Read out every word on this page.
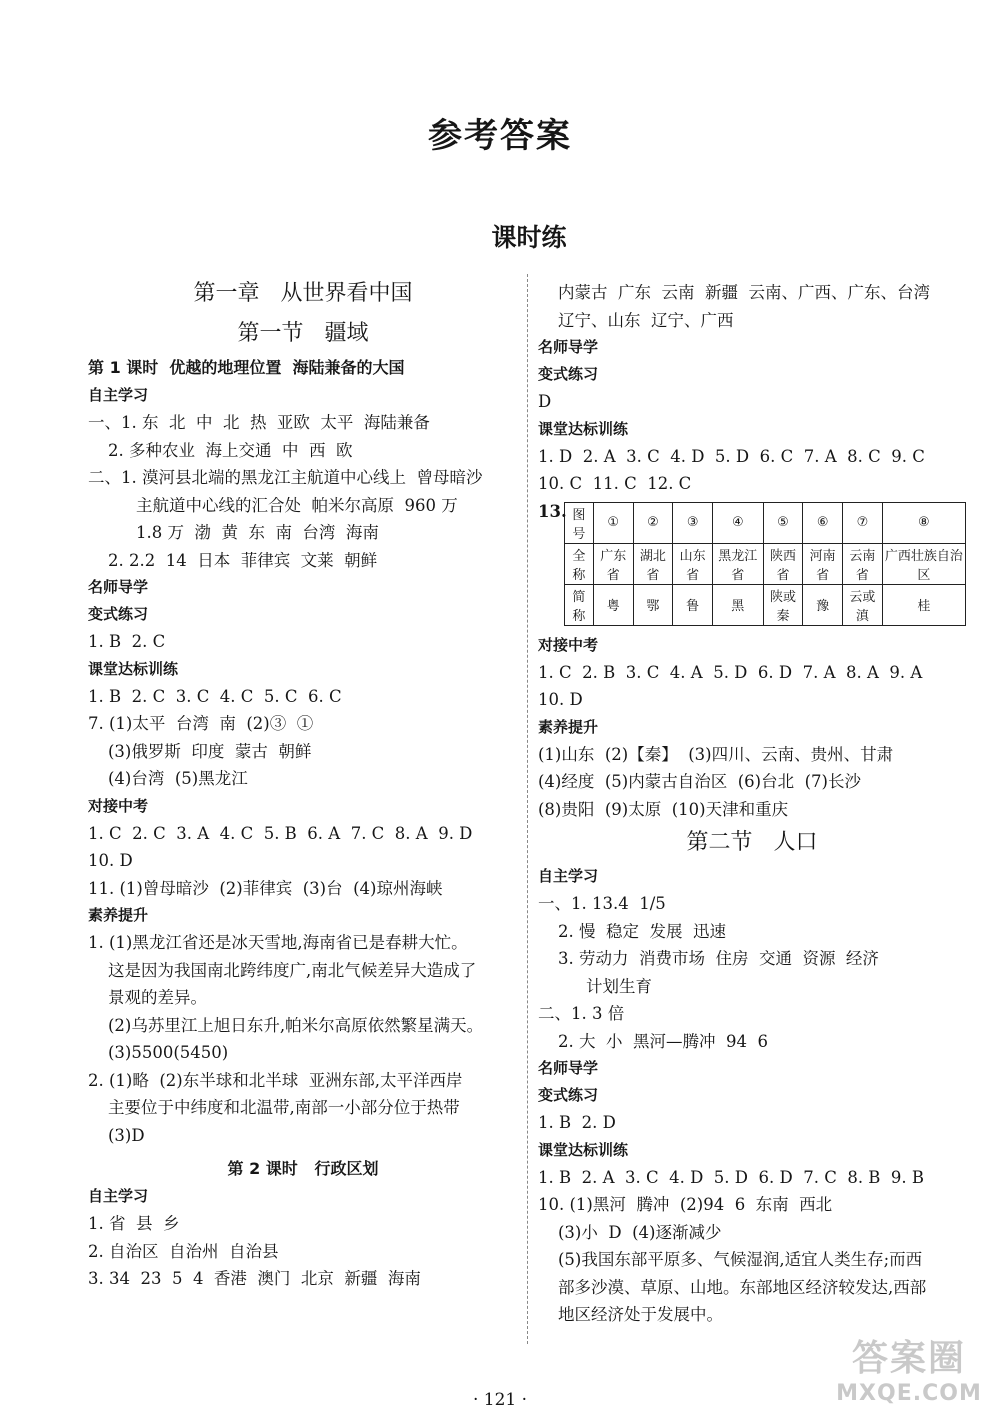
参考答案
课时练
第一章   从世界看中国
第一节   疆域
第 1 课时  优越的地理位置  海陆兼备的大国
自主学习
一、1. 东  北  中  北  热  亚欧  太平  海陆兼备
2. 多种农业  海上交通  中  西  欧
二、1. 漠河县北端的黑龙江主航道中心线上  曾母暗沙
主航道中心线的汇合处  帕米尔高原  960 万
1.8 万  渤  黄  东  南  台湾  海南
2. 2.2  14  日本  菲律宾  文莱  朝鲜
名师导学
变式练习
1. B  2. C
课堂达标训练
1. B  2. C  3. C  4. C  5. C  6. C
7. (1)太平  台湾  南  (2)③  ①
(3)俄罗斯  印度  蒙古  朝鲜
(4)台湾  (5)黑龙江
对接中考
1. C  2. C  3. A  4. C  5. B  6. A  7. C  8. A  9. D
10. D
11. (1)曾母暗沙  (2)菲律宾  (3)台  (4)琼州海峡
素养提升
1. (1)黑龙江省还是冰天雪地,海南省已是春耕大忙。
这是因为我国南北跨纬度广,南北气候差异大造成了
景观的差异。
(2)乌苏里江上旭日东升,帕米尔高原依然繁星满天。
(3)5500(5450)
2. (1)略  (2)东半球和北半球  亚洲东部,太平洋西岸
主要位于中纬度和北温带,南部一小部分位于热带
(3)D
第 2 课时   行政区划
自主学习
1. 省  县  乡
2. 自治区  自治州  自治县
3. 34  23  5  4  香港  澳门  北京  新疆  海南
内蒙古  广东  云南  新疆  云南、广西、广东、台湾
辽宁、山东  辽宁、广西
名师导学
变式练习
D
课堂达标训练
1. D  2. A  3. C  4. D  5. D  6. C  7. A  8. C  9. C
10. C  11. C  12. C
13. 图号	①	②	③	④	⑤	⑥	⑦	⑧
全称	广东省	湖北省	山东省	黑龙江省	陕西省	河南省	云南省	广西壮族自治区
简称	粤	鄂	鲁	黑	陕或秦	豫	云或滇	桂
对接中考
1. C  2. B  3. C  4. A  5. D  6. D  7. A  8. A  9. A
10. D
素养提升
(1)山东  (2)【秦】  (3)四川、云南、贵州、甘肃
(4)经度  (5)内蒙古自治区  (6)台北  (7)长沙
(8)贵阳  (9)太原  (10)天津和重庆
第二节   人口
自主学习
一、1. 13.4  1/5
2. 慢  稳定  发展  迅速
3. 劳动力  消费市场  住房  交通  资源  经济
计划生育
二、1. 3 倍
2. 大  小  黑河—腾冲  94  6
名师导学
变式练习
1. B  2. D
课堂达标训练
1. B  2. A  3. C  4. D  5. D  6. D  7. C  8. B  9. B
10. (1)黑河  腾冲  (2)94  6  东南  西北
(3)小  D  (4)逐渐减少
(5)我国东部平原多、气候湿润,适宜人类生存;而西
部多沙漠、草原、山地。东部地区经济较发达,西部
地区经济处于发展中。
· 121 ·
答案圈
MXQE.COM
